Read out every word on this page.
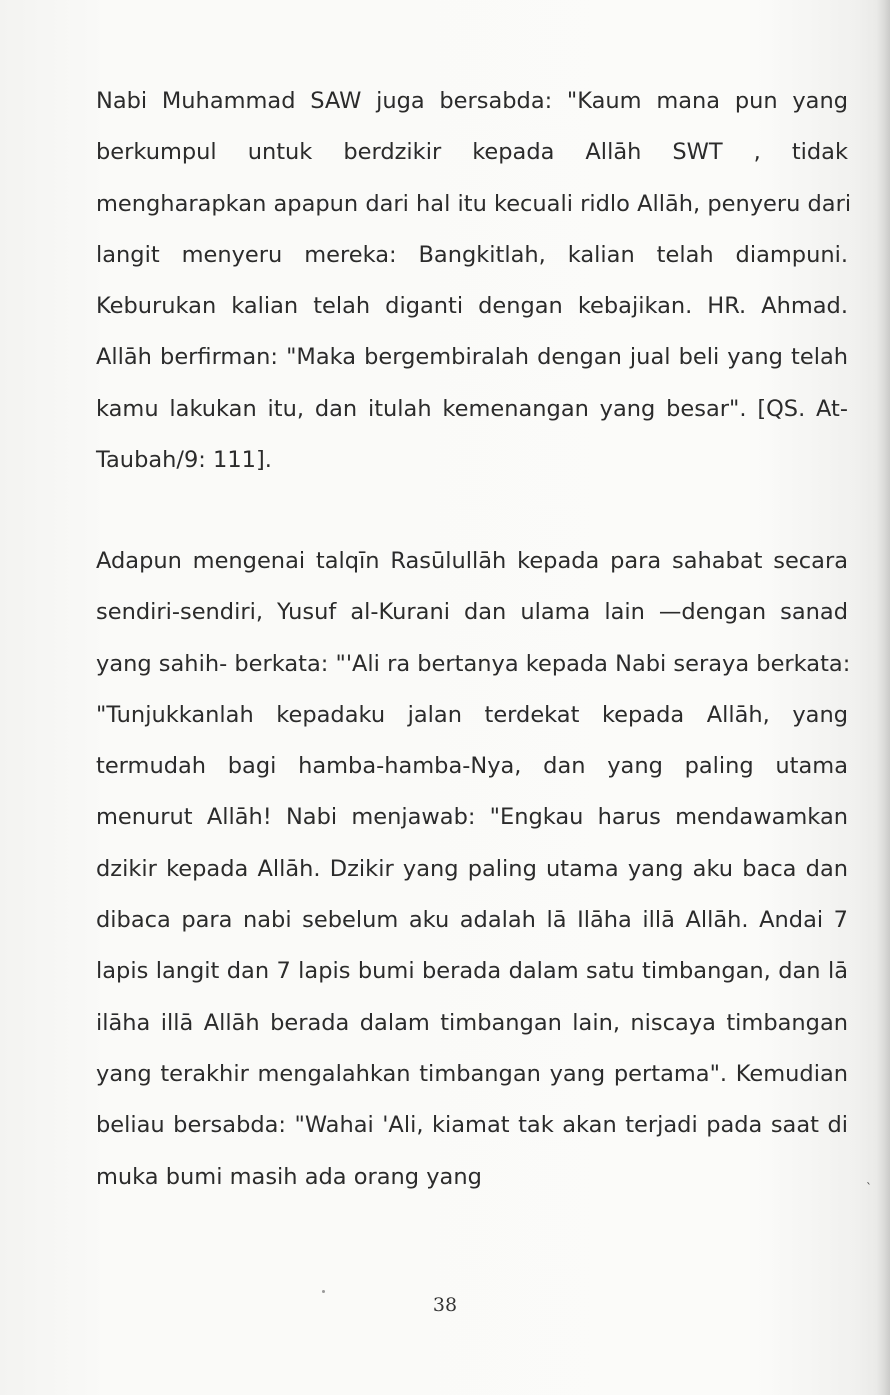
Nabi Muhammad SAW juga bersabda: "Kaum mana pun yang
berkumpul untuk berdzikir kepada Allāh SWT , tidak
mengharapkan apapun dari hal itu kecuali ridlo Allāh, penyeru dari
langit menyeru mereka: Bangkitlah, kalian telah diampuni.
Keburukan kalian telah diganti dengan kebajikan. HR. Ahmad.
Allāh berfirman: "Maka bergembiralah dengan jual beli yang telah
kamu lakukan itu, dan itulah kemenangan yang besar". [QS. At-
Taubah/9: 111].
Adapun mengenai talqīn Rasūlullāh kepada para sahabat secara
sendiri-sendiri, Yusuf al-Kurani dan ulama lain —dengan sanad
yang sahih- berkata: "'Ali ra bertanya kepada Nabi seraya berkata:
"Tunjukkanlah kepadaku jalan terdekat kepada Allāh, yang
termudah bagi hamba-hamba-Nya, dan yang paling utama
menurut Allāh! Nabi menjawab: "Engkau harus mendawamkan
dzikir kepada Allāh. Dzikir yang paling utama yang aku baca dan
dibaca para nabi sebelum aku adalah lā Ilāha illā Allāh. Andai 7
lapis langit dan 7 lapis bumi berada dalam satu timbangan, dan lā
ilāha illā Allāh berada dalam timbangan lain, niscaya timbangan
yang terakhir mengalahkan timbangan yang pertama". Kemudian
beliau bersabda: "Wahai 'Ali, kiamat tak akan terjadi pada saat di
muka bumi masih ada orang yang	ˋ
38
